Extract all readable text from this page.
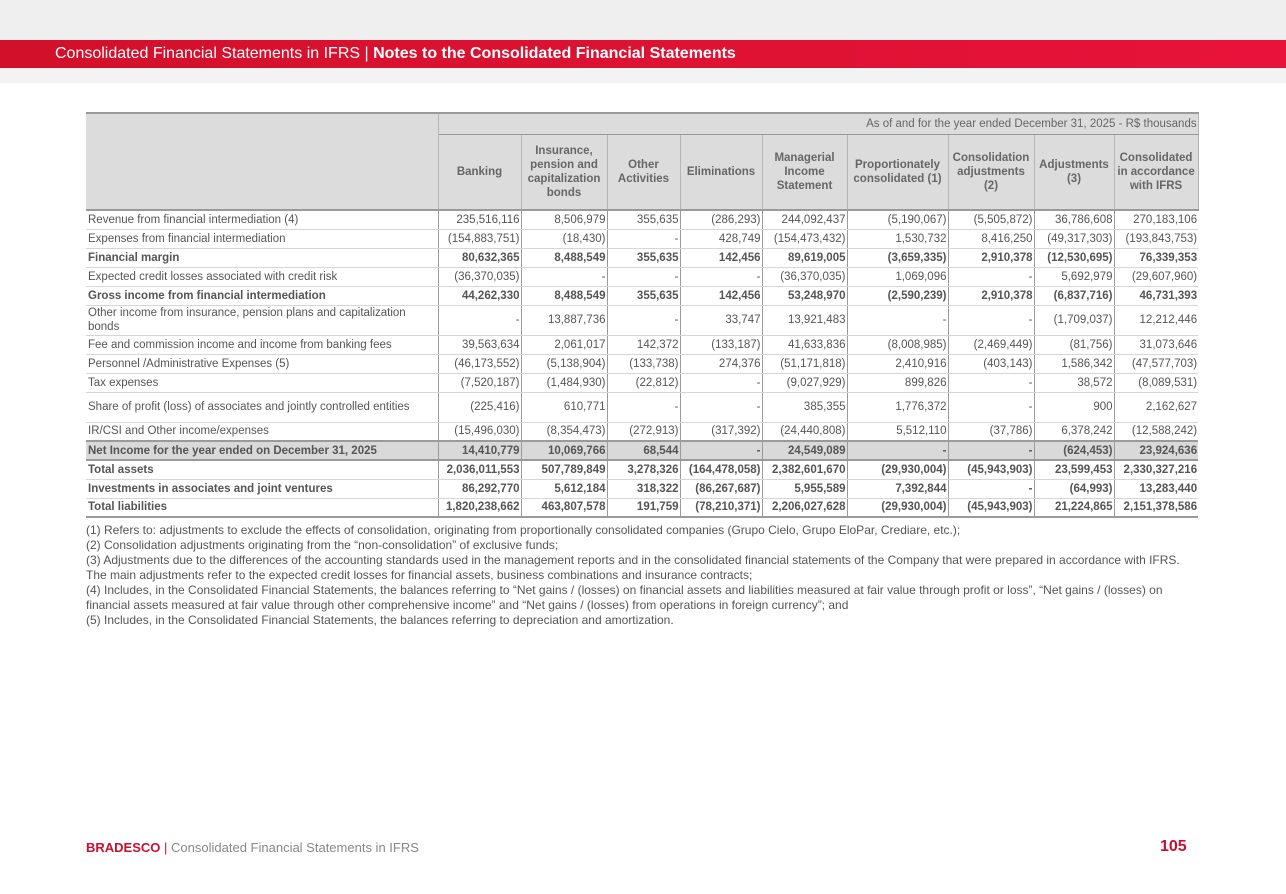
Consolidated Financial Statements in IFRS | Notes to the Consolidated Financial Statements
	As of and for the year ended December 31, 2025 - R$ thousands								
	Banking	Insurance, pension and capitalization bonds	Other Activities	Eliminations	Managerial Income Statement	Proportionately consolidated (1)	Consolidation adjustments (2)	Adjustments (3)	Consolidated in accordance with IFRS
Revenue from financial intermediation (4)	235,516,116	8,506,979	355,635	(286,293)	244,092,437	(5,190,067)	(5,505,872)	36,786,608	270,183,106
Expenses from financial intermediation	(154,883,751)	(18,430)	-	428,749	(154,473,432)	1,530,732	8,416,250	(49,317,303)	(193,843,753)
Financial margin	80,632,365	8,488,549	355,635	142,456	89,619,005	(3,659,335)	2,910,378	(12,530,695)	76,339,353
Expected credit losses associated with credit risk	(36,370,035)	-	-	-	(36,370,035)	1,069,096	-	5,692,979	(29,607,960)
Gross income from financial intermediation	44,262,330	8,488,549	355,635	142,456	53,248,970	(2,590,239)	2,910,378	(6,837,716)	46,731,393
Other income from insurance, pension plans and capitalization bonds	-	13,887,736	-	33,747	13,921,483	-	-	(1,709,037)	12,212,446
Fee and commission income and income from banking fees	39,563,634	2,061,017	142,372	(133,187)	41,633,836	(8,008,985)	(2,469,449)	(81,756)	31,073,646
Personnel /Administrative Expenses (5)	(46,173,552)	(5,138,904)	(133,738)	274,376	(51,171,818)	2,410,916	(403,143)	1,586,342	(47,577,703)
Tax expenses	(7,520,187)	(1,484,930)	(22,812)	-	(9,027,929)	899,826	-	38,572	(8,089,531)
Share of profit (loss) of associates and jointly controlled entities	(225,416)	610,771	-	-	385,355	1,776,372	-	900	2,162,627
IR/CSI and Other income/expenses	(15,496,030)	(8,354,473)	(272,913)	(317,392)	(24,440,808)	5,512,110	(37,786)	6,378,242	(12,588,242)
Net Income for the year ended on December 31, 2025	14,410,779	10,069,766	68,544	-	24,549,089	-	-	(624,453)	23,924,636
Total assets	2,036,011,553	507,789,849	3,278,326	(164,478,058)	2,382,601,670	(29,930,004)	(45,943,903)	23,599,453	2,330,327,216
Investments in associates and joint ventures	86,292,770	5,612,184	318,322	(86,267,687)	5,955,589	7,392,844	-	(64,993)	13,283,440
Total liabilities	1,820,238,662	463,807,578	191,759	(78,210,371)	2,206,027,628	(29,930,004)	(45,943,903)	21,224,865	2,151,378,586

(1) Refers to: adjustments to exclude the effects of consolidation, originating from proportionally consolidated companies (Grupo Cielo, Grupo EloPar, Crediare, etc.);

(2) Consolidation adjustments originating from the “non-consolidation” of exclusive funds;

(3) Adjustments due to the differences of the accounting standards used in the management reports and in the consolidated financial statements of the Company that were prepared in accordance with IFRS. The main adjustments refer to the expected credit losses for financial assets, business combinations and insurance contracts;

(4) Includes, in the Consolidated Financial Statements, the balances referring to “Net gains / (losses) on financial assets and liabilities measured at fair value through profit or loss”, “Net gains / (losses) on financial assets measured at fair value through other comprehensive income” and “Net gains / (losses) from operations in foreign currency”; and

(5) Includes, in the Consolidated Financial Statements, the balances referring to depreciation and amortization.

BRADESCO | Consolidated Financial Statements in IFRS	105
